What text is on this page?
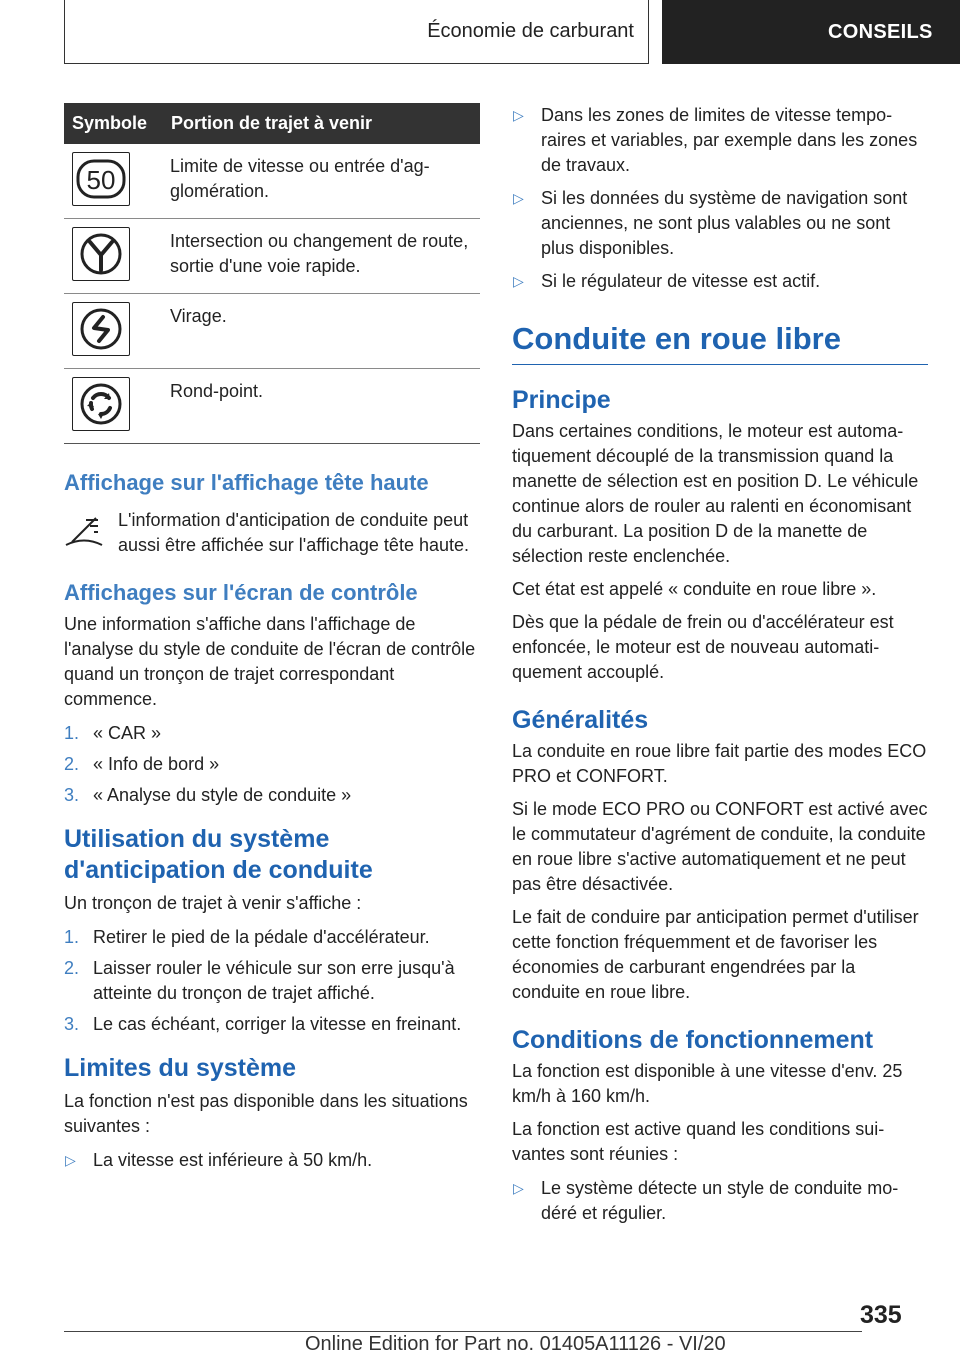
Économie de carburant	CONSEILS
Symbole	Portion de trajet à venir
50	Limite de vitesse ou entrée d'agglomération.
Intersection ou changement de route, sortie d'une voie rapide.
Virage.
Rond-point.
Affichage sur l'affichage tête haute

L'information d'anticipation de conduite peut aussi être affichée sur l'affichage tête haute.

Affichages sur l'écran de contrôle

Une information s'affiche dans l'affichage de l'analyse du style de conduite de l'écran de contrôle quand un tronçon de trajet correspondant commence.

1. « CAR »
2. « Info de bord »
3. « Analyse du style de conduite »
Utilisation du système d'anticipation de conduite

Un tronçon de trajet à venir s'affiche :

1. Retirer le pied de la pédale d'accélérateur.
2. Laisser rouler le véhicule sur son erre jusqu'à atteinte du tronçon de trajet affiché.
3. Le cas échéant, corriger la vitesse en freinant.
Limites du système

La fonction n'est pas disponible dans les situations suivantes :

▷ La vitesse est inférieure à 50 km/h.
▷ Dans les zones de limites de vitesse temporaires et variables, par exemple dans les zones de travaux.
▷ Si les données du système de navigation sont anciennes, ne sont plus valables ou ne sont plus disponibles.
▷ Si le régulateur de vitesse est actif.
Conduite en roue libre
Principe

Dans certaines conditions, le moteur est automatiquement découplé de la transmission quand la manette de sélection est en position D. Le véhicule continue alors de rouler au ralenti en économisant du carburant. La position D de la manette de sélection reste enclenchée.

Cet état est appelé « conduite en roue libre ».

Dès que la pédale de frein ou d'accélérateur est enfoncée, le moteur est de nouveau automatiquement accouplé.

Généralités

La conduite en roue libre fait partie des modes ECO PRO et CONFORT.

Si le mode ECO PRO ou CONFORT est activé avec le commutateur d'agrément de conduite, la conduite en roue libre s'active automatiquement et ne peut pas être désactivée.

Le fait de conduire par anticipation permet d'utiliser cette fonction fréquemment et de favoriser les économies de carburant engendrées par la conduite en roue libre.

Conditions de fonctionnement

La fonction est disponible à une vitesse d'env. 25 km/h à 160 km/h.

La fonction est active quand les conditions suivantes sont réunies :

▷ Le système détecte un style de conduite modéré et régulier.
335
Online Edition for Part no. 01405A11126 - VI/20
